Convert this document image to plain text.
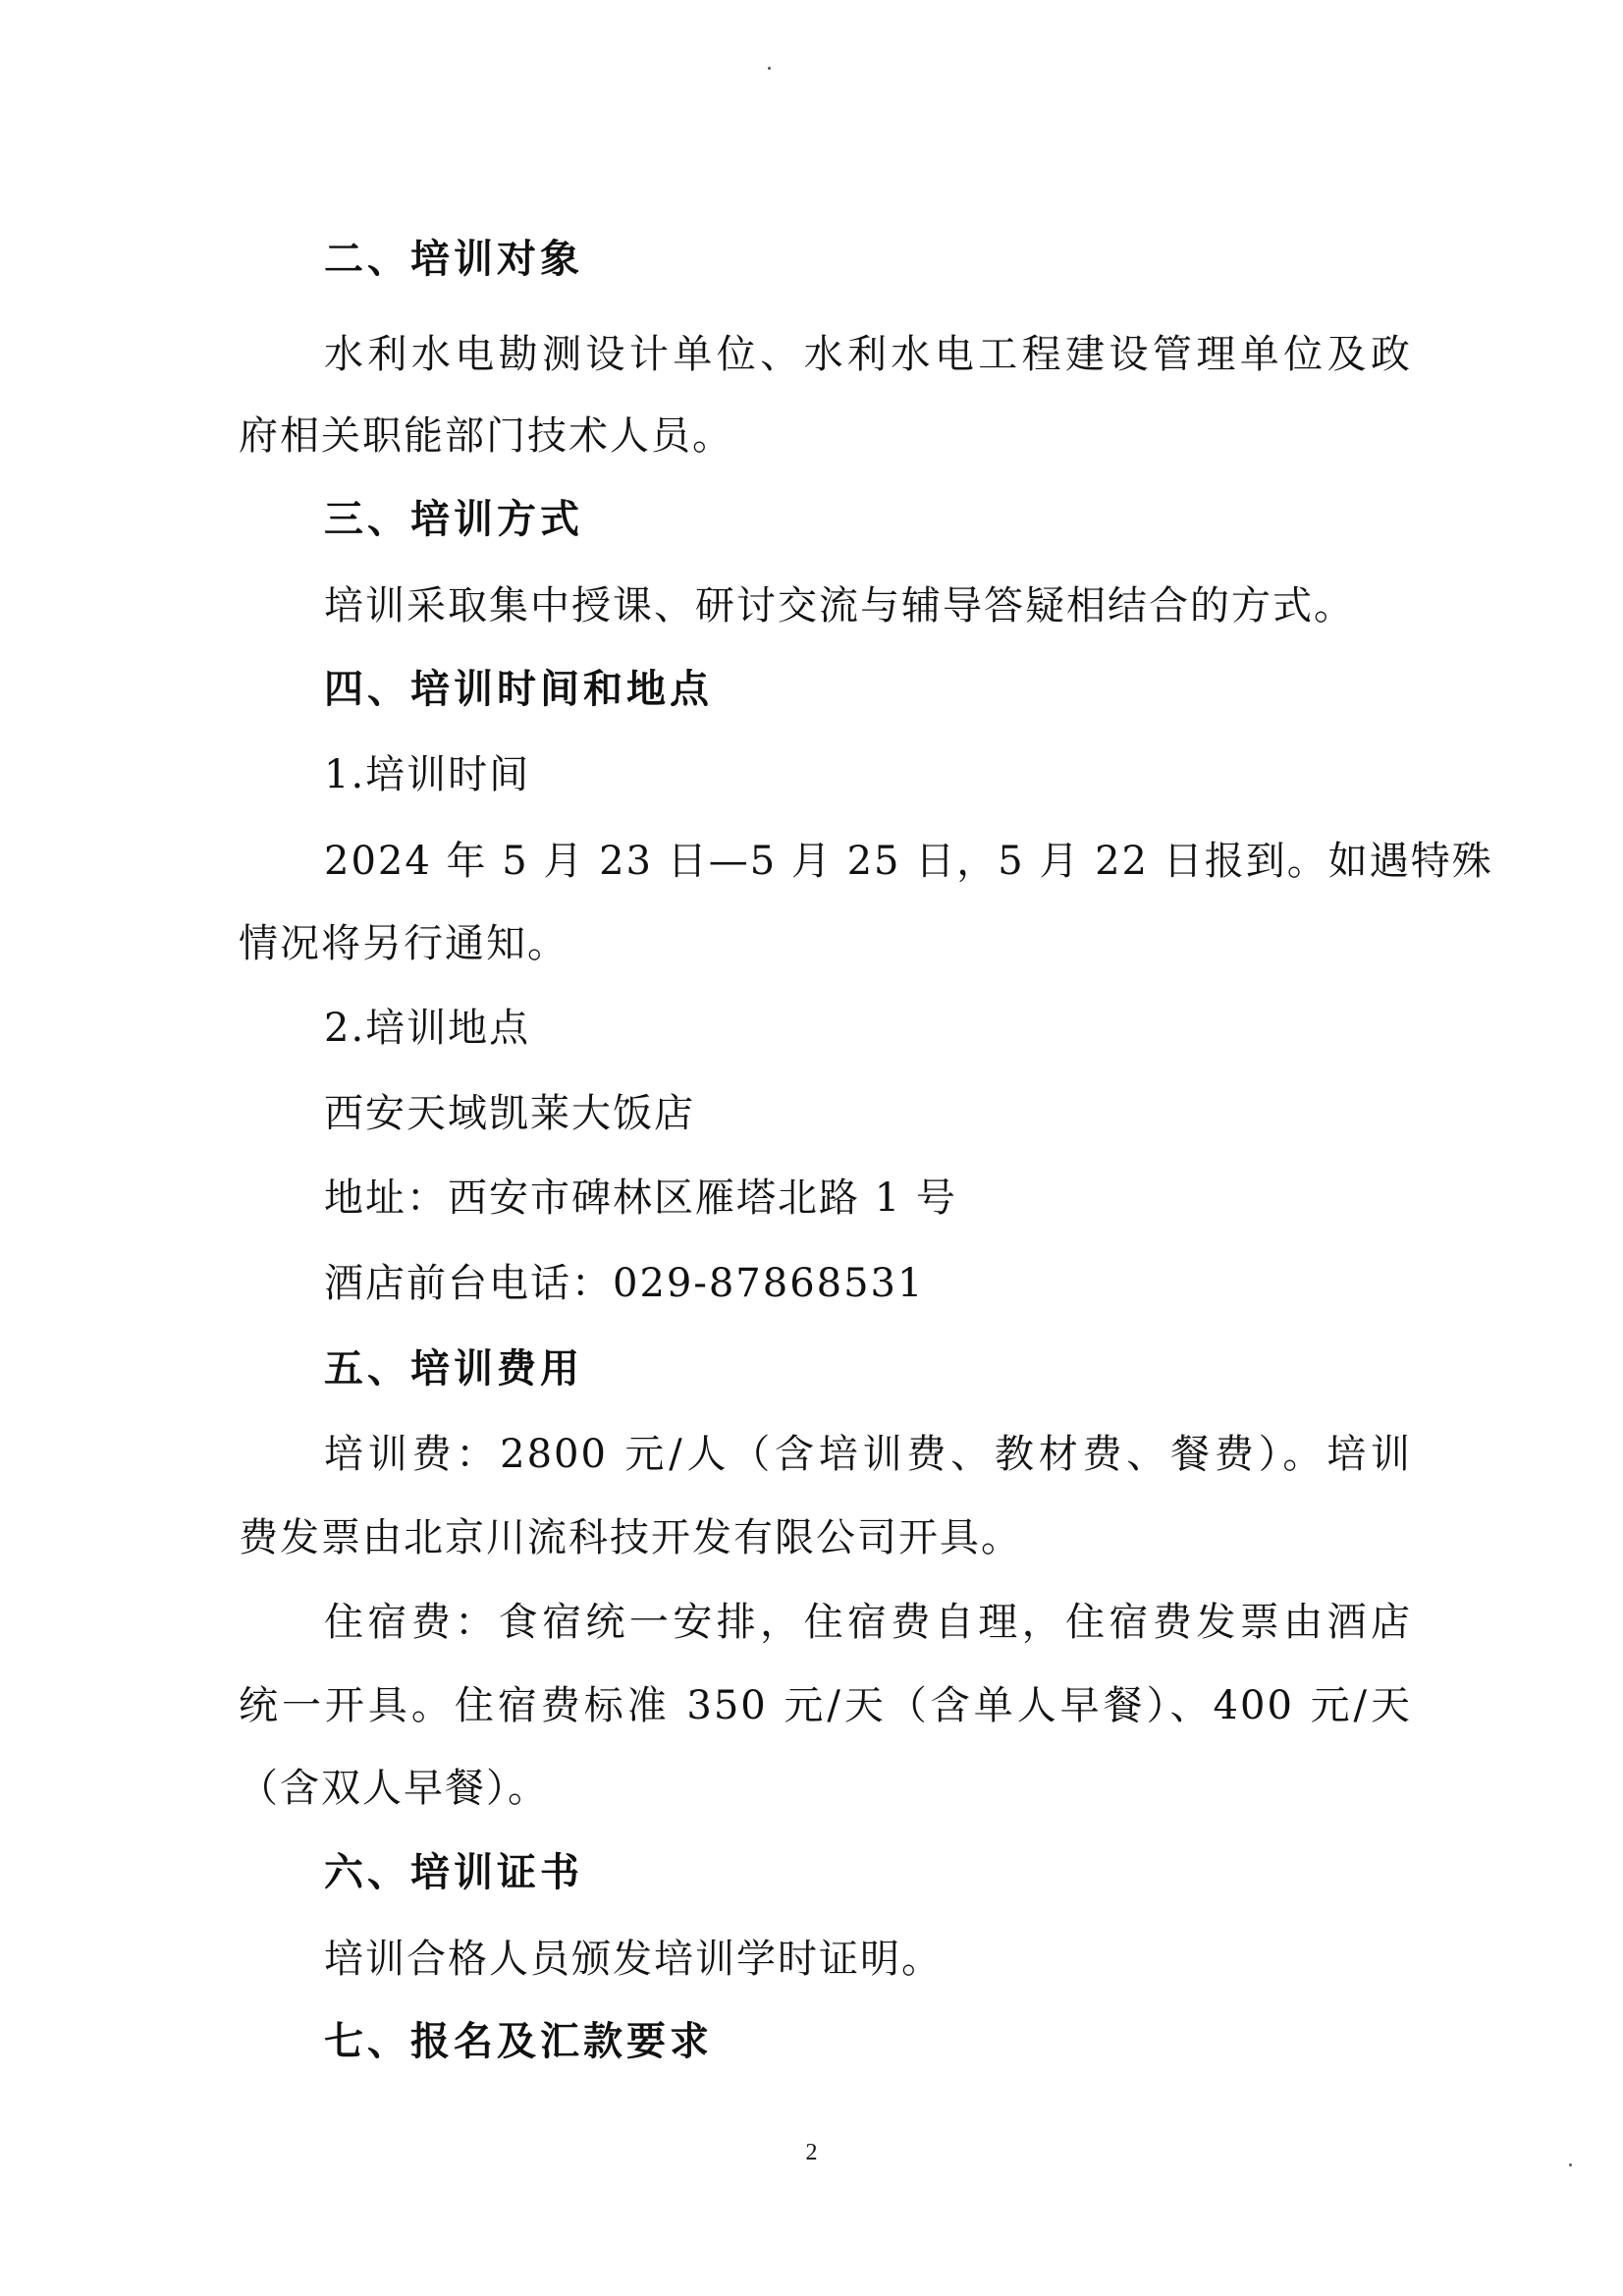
二、培训对象
水利水电勘测设计单位、水利水电工程建设管理单位及政
府相关职能部门技术人员。
三、培训方式
培训采取集中授课、研讨交流与辅导答疑相结合的方式。
四、培训时间和地点
1.培训时间
2024 年 5 月 23 日—5 月 25 日，5 月 22 日报到。如遇特殊
情况将另行通知。
2.培训地点
西安天域凯莱大饭店
地址：西安市碑林区雁塔北路 1 号
酒店前台电话：029-87868531
五、培训费用
培训费：2800 元/人（含培训费、教材费、餐费）。培训
费发票由北京川流科技开发有限公司开具。
住宿费：食宿统一安排，住宿费自理，住宿费发票由酒店
统一开具。住宿费标准 350 元/天（含单人早餐）、400 元/天
（含双人早餐）。
六、培训证书
培训合格人员颁发培训学时证明。
七、报名及汇款要求
2
